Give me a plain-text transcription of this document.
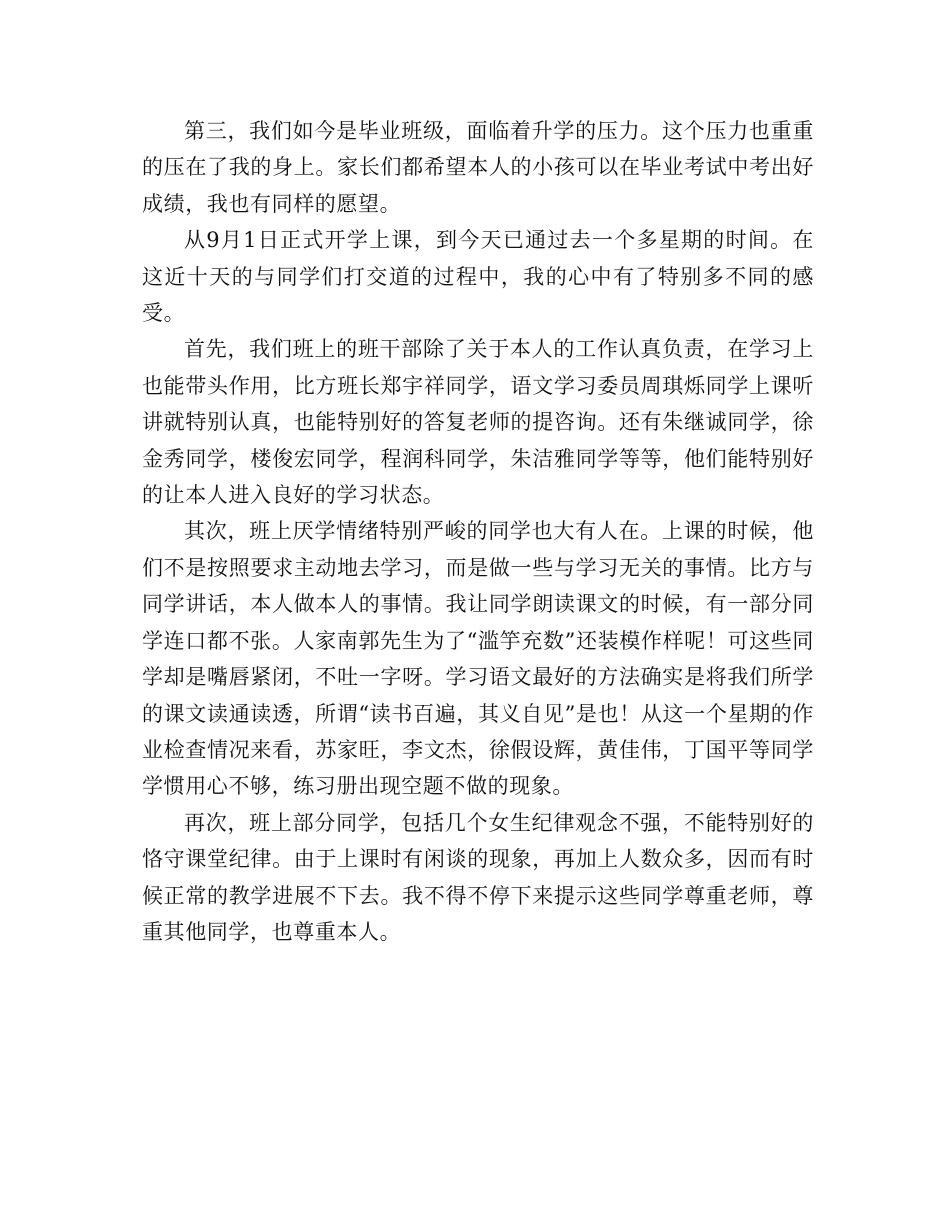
第三，我们如今是毕业班级，面临着升学的压力。这个压力也重重的压在了我的身上。家长们都希望本人的小孩可以在毕业考试中考出好成绩，我也有同样的愿望。

从9月1日正式开学上课，到今天已通过去一个多星期的时间。在这近十天的与同学们打交道的过程中，我的心中有了特别多不同的感受。

首先，我们班上的班干部除了关于本人的工作认真负责，在学习上也能带头作用，比方班长郑宇祥同学，语文学习委员周琪烁同学上课听讲就特别认真，也能特别好的答复老师的提咨询。还有朱继诚同学，徐金秀同学，楼俊宏同学，程润科同学，朱洁雅同学等等，他们能特别好的让本人进入良好的学习状态。

其次，班上厌学情绪特别严峻的同学也大有人在。上课的时候，他们不是按照要求主动地去学习，而是做一些与学习无关的事情。比方与同学讲话，本人做本人的事情。我让同学朗读课文的时候，有一部分同学连口都不张。人家南郭先生为了“滥竽充数”还装模作样呢！可这些同学却是嘴唇紧闭，不吐一字呀。学习语文最好的方法确实是将我们所学的课文读通读透，所谓“读书百遍，其义自见”是也！从这一个星期的作业检查情况来看，苏家旺，李文杰，徐假设辉，黄佳伟，丁国平等同学学惯用心不够，练习册出现空题不做的现象。

再次，班上部分同学，包括几个女生纪律观念不强，不能特别好的恪守课堂纪律。由于上课时有闲谈的现象，再加上人数众多，因而有时候正常的教学进展不下去。我不得不停下来提示这些同学尊重老师，尊重其他同学，也尊重本人。
